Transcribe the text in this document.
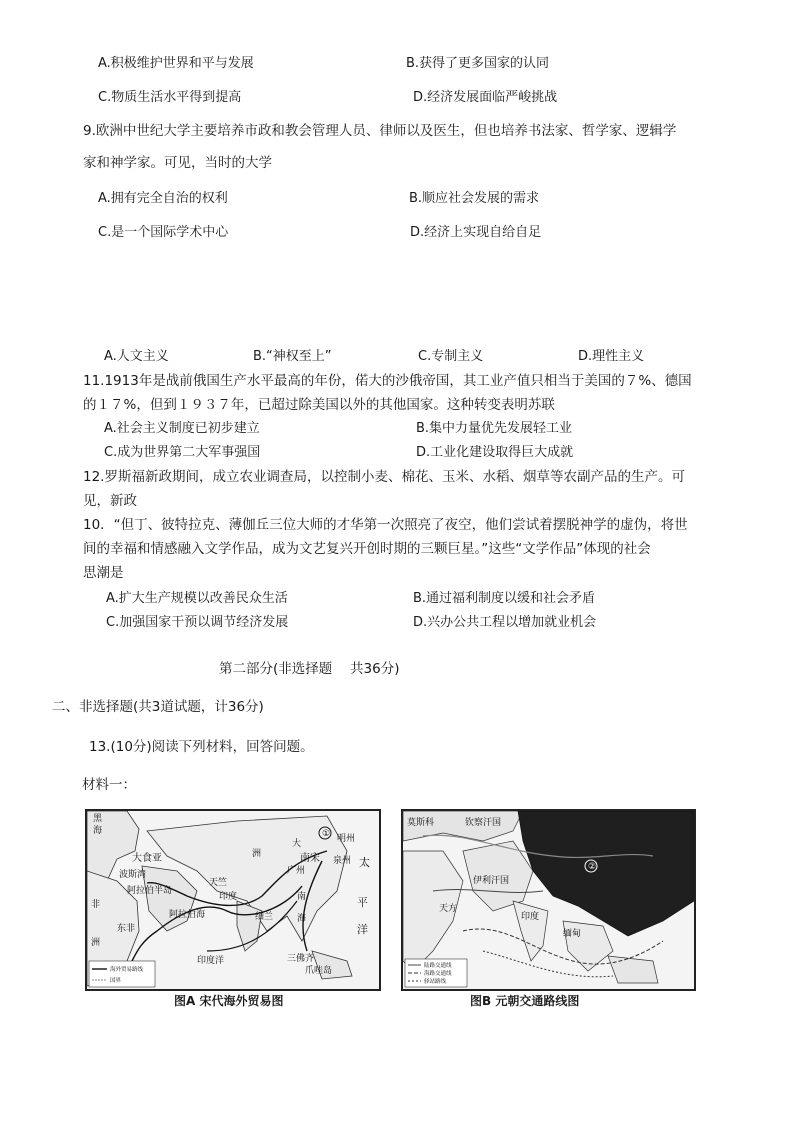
A.积极维护世界和平与发展	B.获得了更多国家的认同
C.物质生活水平得到提高	D.经济发展面临严峻挑战
9.欧洲中世纪大学主要培养市政和教会管理人员、律师以及医生，但也培养书法家、哲学家、逻辑学
家和神学家。可见，当时的大学
A.拥有完全自治的权利	B.顺应社会发展的需求
C.是一个国际学术中心	D.经济上实现自给自足
A.人文主义	B.“神权至上”	C.专制主义	D.理性主义
11.1913年是战前俄国生产水平最高的年份，偌大的沙俄帝国，其工业产值只相当于美国的７%、德国
的１７%，但到１９３７年，已超过除美国以外的其他国家。这种转变表明苏联
A.社会主义制度已初步建立	B.集中力量优先发展轻工业
C.成为世界第二大军事强国	D.工业化建设取得巨大成就
12.罗斯福新政期间，成立农业调查局，以控制小麦、棉花、玉米、水稻、烟草等农副产品的生产。可
见，新政
10．“但丁、彼特拉克、薄伽丘三位大师的才华第一次照亮了夜空，他们尝试着摆脱神学的虚伪，将世
间的幸福和情感融入文学作品，成为文艺复兴开创时期的三颗巨星。”这些“文学作品”体现的社会
思潮是
A.扩大生产规模以改善民众生活	B.通过福利制度以缓和社会矛盾
C.加强国家干预以调节经济发展	D.兴办公共工程以增加就业机会
第二部分(非选择题　 共36分)
二、非选择题(共3道试题，计36分)
13.(10分)阅读下列材料，回答问题。
材料一：
①
黑
海
大食亚
波斯湾
阿拉伯半岛
天竺
印度
阿拉伯海	细兰
非
洲
东非
印度洋
洲
大
南宋
明州
广州
泉州
南
海
太
平
洋
三佛齐
爪哇岛
海外贸易路线
国界
图A 宋代海外贸易图
②
莫斯科	钦察汗国
伊利汗国
天方
印度
缅甸
陆路交通线
海路交通线
驿站路线
图B 元朝交通路线图
